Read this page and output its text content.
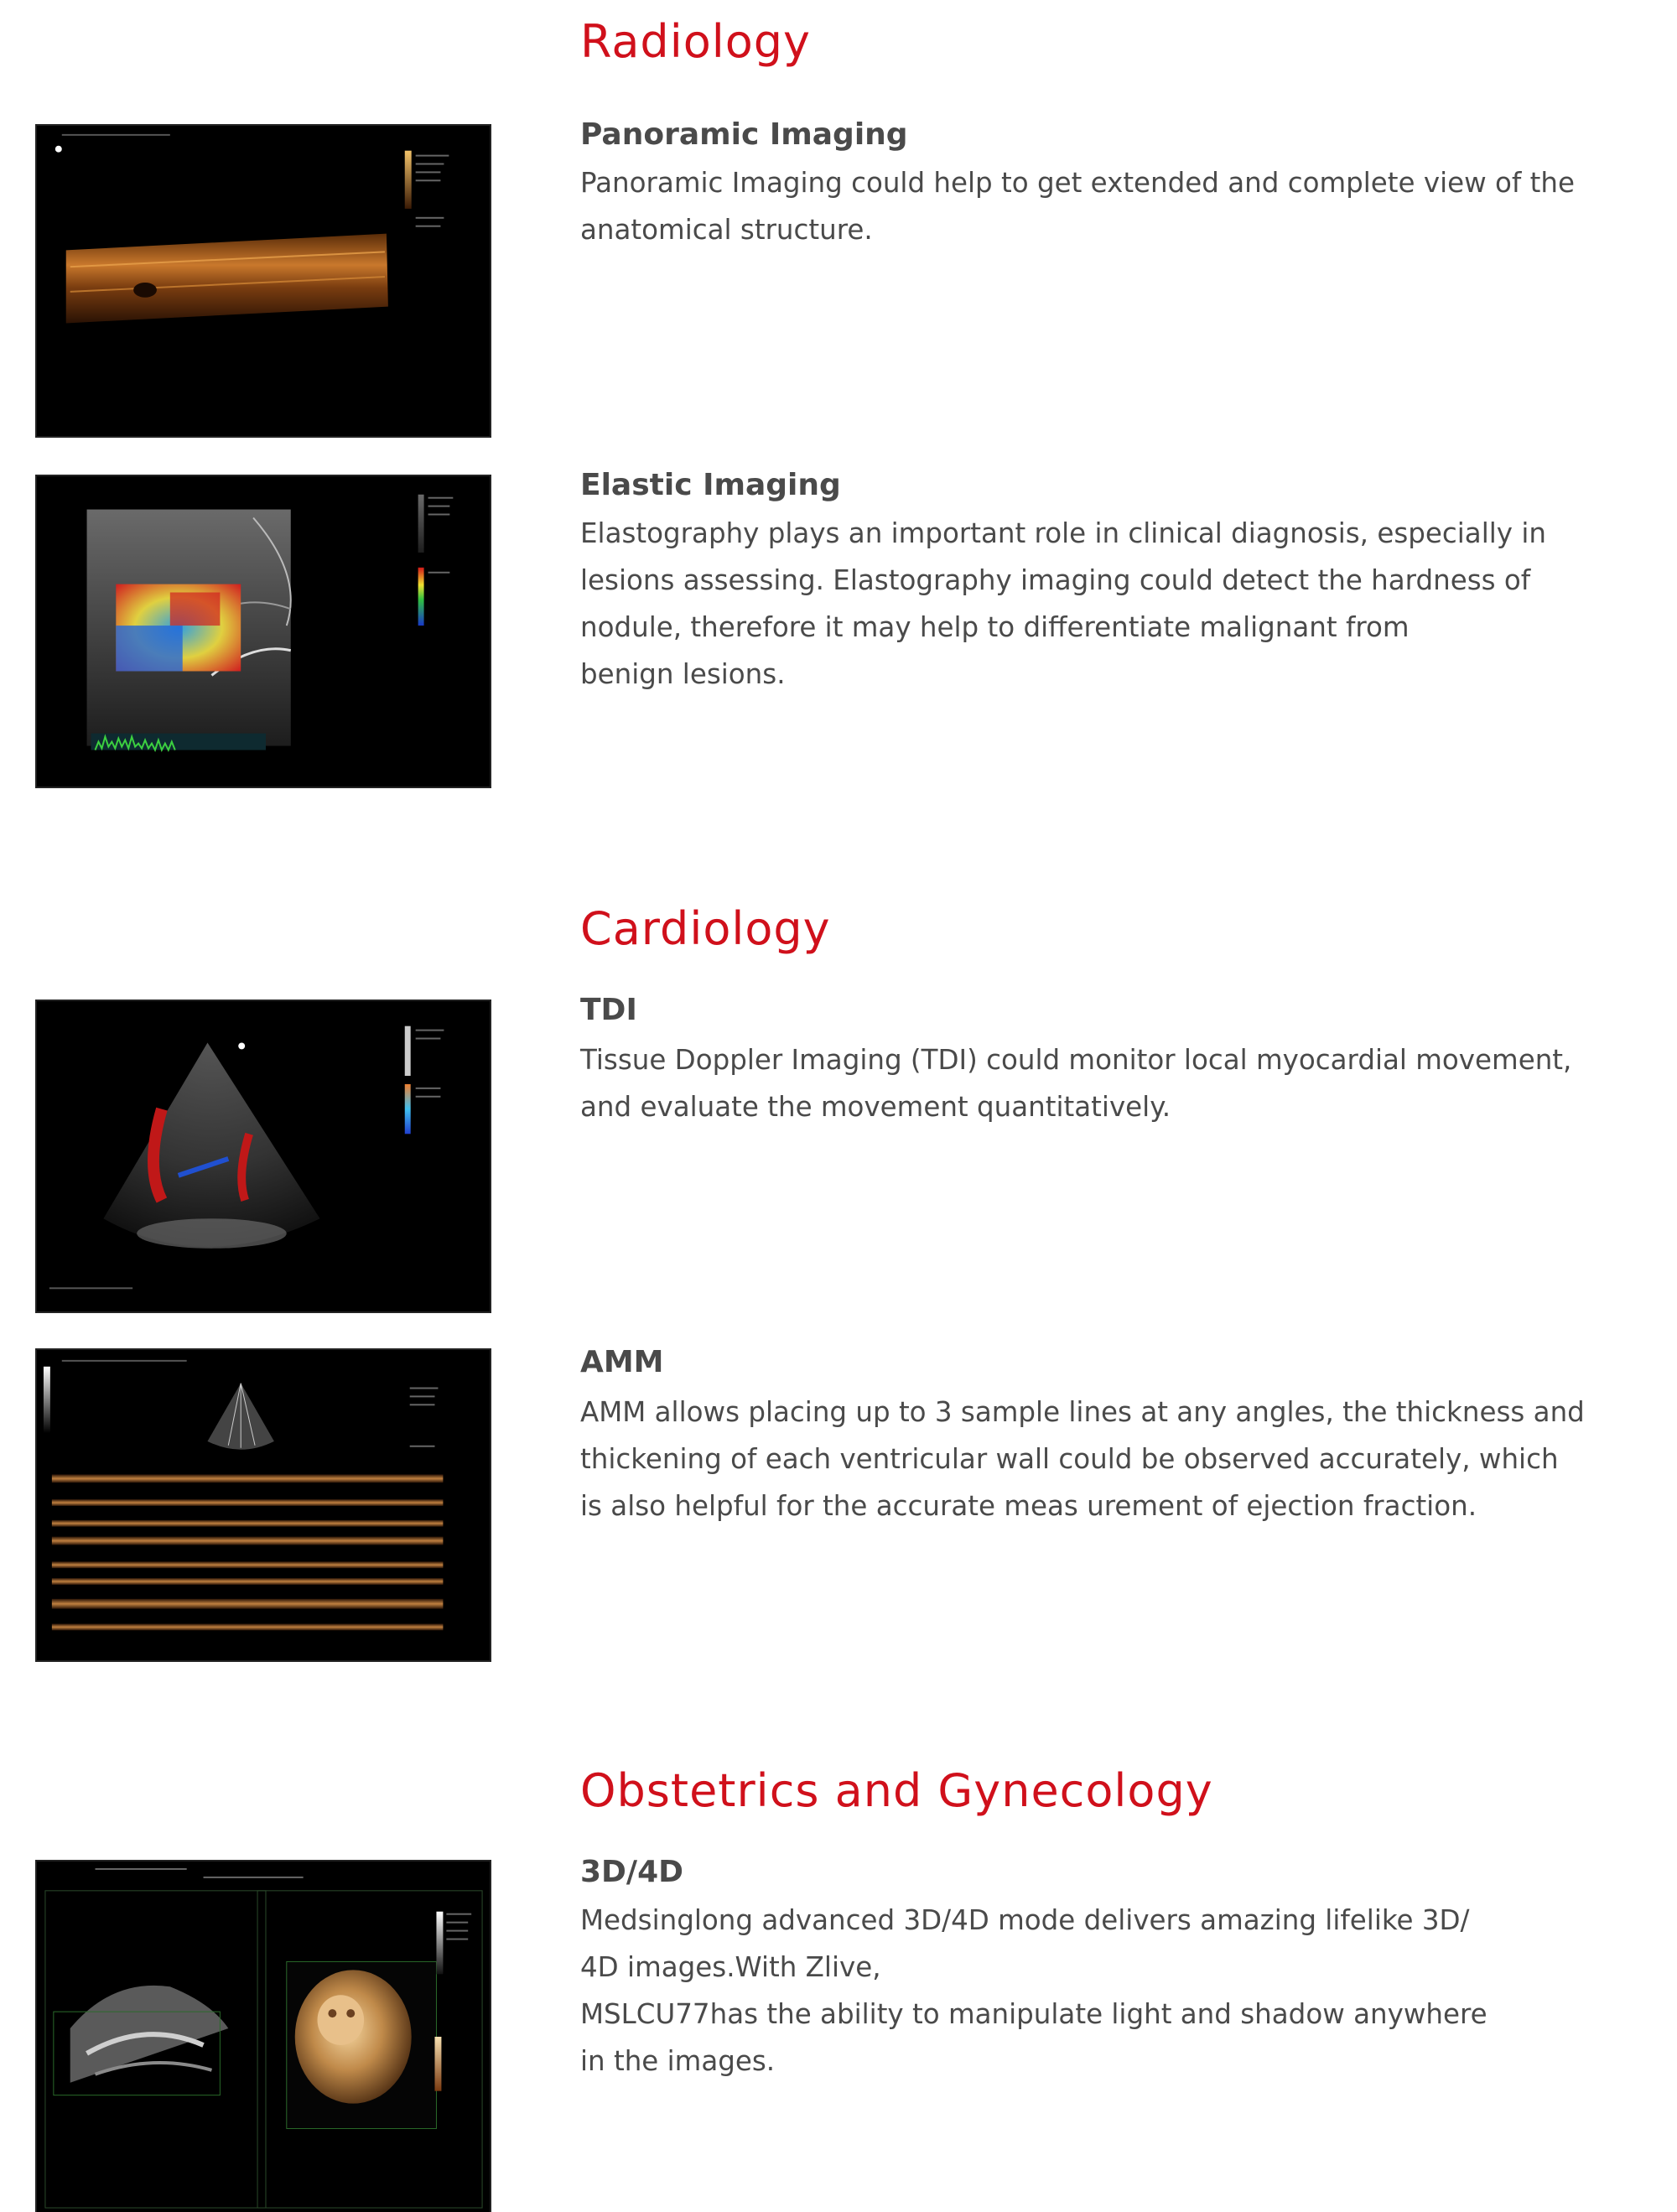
Radiology
Panoramic Imaging

Panoramic Imaging could help to get extended and complete view of the
anatomical structure.

Elastic Imaging

Elastography plays an important role in clinical diagnosis, especially in
lesions assessing. Elastography imaging could detect the hardness of
nodule, therefore it may help to differentiate malignant from
benign lesions.

Cardiology
TDI

Tissue Doppler Imaging (TDI) could monitor local myocardial movement,
and evaluate the movement quantitatively.

AMM

AMM allows placing up to 3 sample lines at any angles, the thickness and
thickening of each ventricular wall could be observed accurately, which
is also helpful for the accurate meas urement of ejection fraction.

Obstetrics and Gynecology
3D/4D

Medsinglong advanced 3D/4D mode delivers amazing lifelike 3D/
4D images.With Zlive,
MSLCU77has the ability to manipulate light and shadow anywhere
in the images.
